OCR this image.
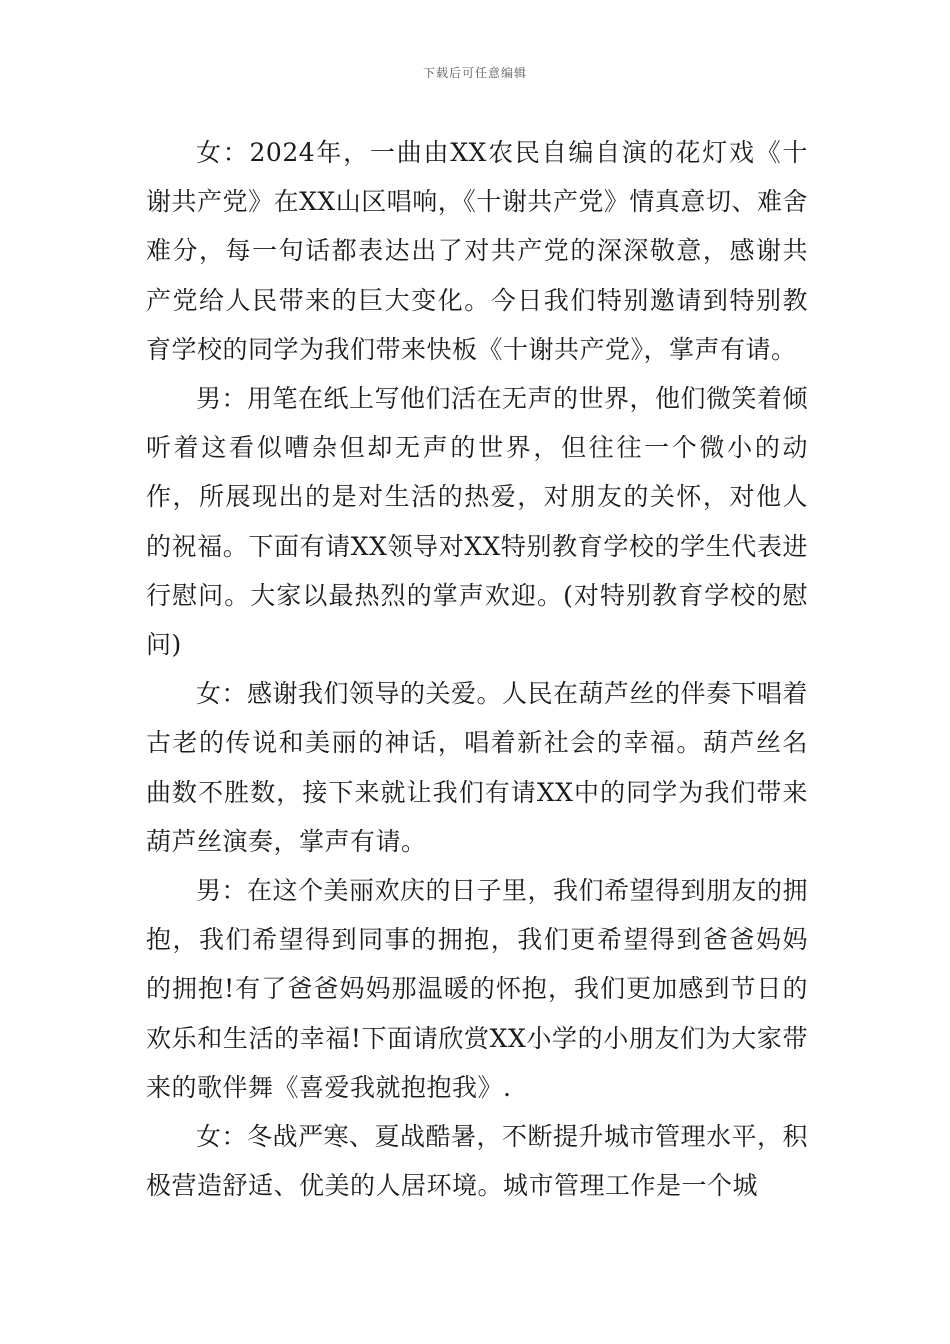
下载后可任意编辑

女：2024年，一曲由XX农民自编自演的花灯戏《十谢共产党》在XX山区唱响，《十谢共产党》情真意切、难舍难分，每一句话都表达出了对共产党的深深敬意，感谢共产党给人民带来的巨大变化。今日我们特别邀请到特别教育学校的同学为我们带来快板《十谢共产党》，掌声有请。

男：用笔在纸上写他们活在无声的世界，他们微笑着倾听着这看似嘈杂但却无声的世界，但往往一个微小的动作，所展现出的是对生活的热爱，对朋友的关怀，对他人的祝福。下面有请XX领导对XX特别教育学校的学生代表进行慰问。大家以最热烈的掌声欢迎。(对特别教育学校的慰问)

女：感谢我们领导的关爱。人民在葫芦丝的伴奏下唱着古老的传说和美丽的神话，唱着新社会的幸福。葫芦丝名曲数不胜数，接下来就让我们有请XX中的同学为我们带来葫芦丝演奏，掌声有请。

男：在这个美丽欢庆的日子里，我们希望得到朋友的拥抱，我们希望得到同事的拥抱，我们更希望得到爸爸妈妈的拥抱!有了爸爸妈妈那温暖的怀抱，我们更加感到节日的欢乐和生活的幸福!下面请欣赏XX小学的小朋友们为大家带来的歌伴舞《喜爱我就抱抱我》.

女：冬战严寒、夏战酷暑，不断提升城市管理水平，积极营造舒适、优美的人居环境。城市管理工作是一个城
